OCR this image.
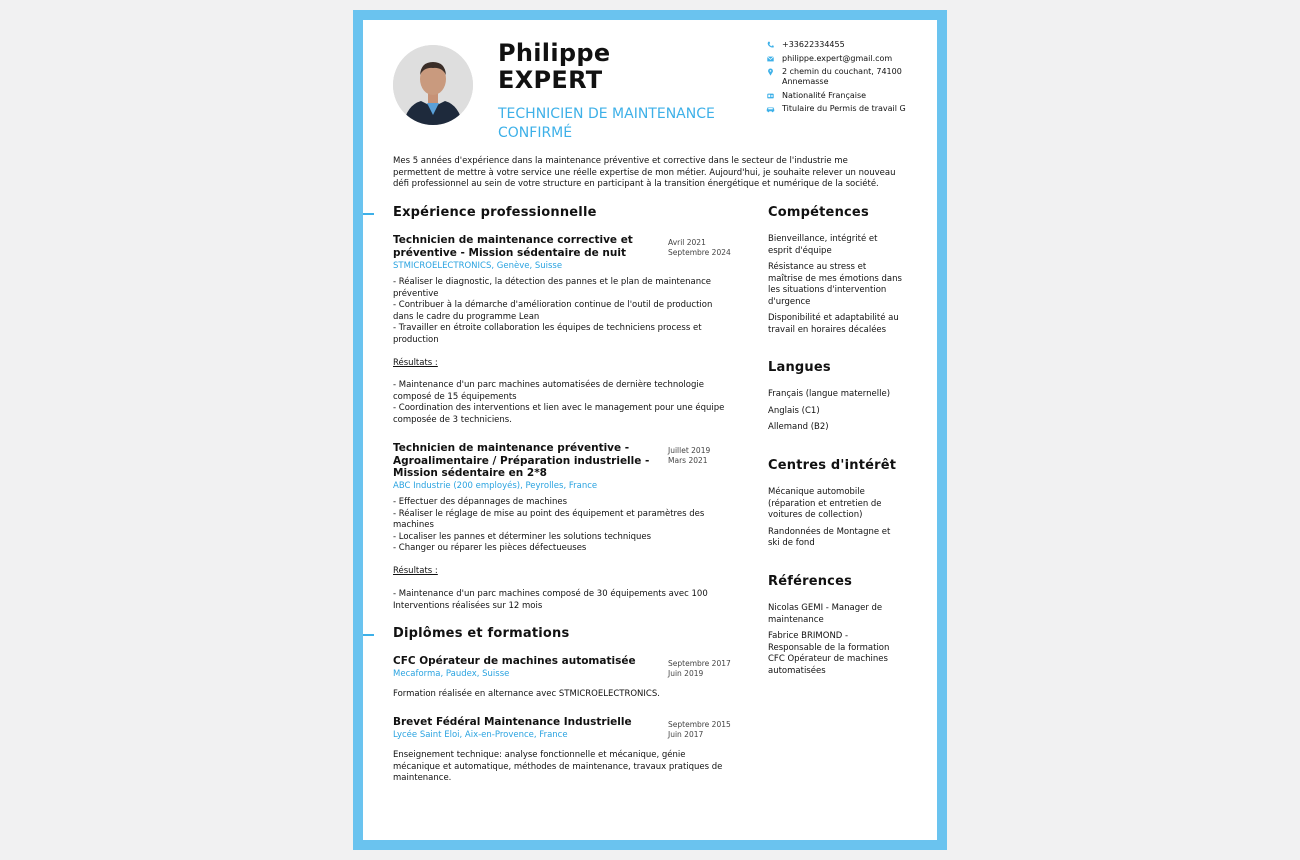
Philippe
EXPERT
TECHNICIEN DE MAINTENANCE
CONFIRMÉ
+33622334455
philippe.expert@gmail.com
2 chemin du couchant, 74100
Annemasse
Nationalité Française
Titulaire du Permis de travail G
Mes 5 années d'expérience dans la maintenance préventive et corrective dans le secteur de l'industrie me
permettent de mettre à votre service une réelle expertise de mon métier. Aujourd'hui, je souhaite relever un nouveau
défi professionnel au sein de votre structure en participant à la transition énergétique et numérique de la société.
Expérience professionnelle
Technicien de maintenance corrective et
préventive - Mission sédentaire de nuit
Avril 2021
Septembre 2024
STMICROELECTRONICS, Genève, Suisse
- Réaliser le diagnostic, la détection des pannes et le plan de maintenance
préventive
- Contribuer à la démarche d'amélioration continue de l'outil de production
dans le cadre du programme Lean
- Travailler en étroite collaboration les équipes de techniciens process et
production
Résultats :
- Maintenance d'un parc machines automatisées de dernière technologie
composé de 15 équipements
- Coordination des interventions et lien avec le management pour une équipe
composée de 3 techniciens.
Technicien de maintenance préventive -
Agroalimentaire / Préparation industrielle -
Mission sédentaire en 2*8
Juillet 2019
Mars 2021
ABC Industrie (200 employés), Peyrolles, France
- Effectuer des dépannages de machines
- Réaliser le réglage de mise au point des équipement et paramètres des
machines
- Localiser les pannes et déterminer les solutions techniques
- Changer ou réparer les pièces défectueuses
Résultats :
- Maintenance d'un parc machines composé de 30 équipements avec 100
Interventions réalisées sur 12 mois
Diplômes et formations
CFC Opérateur de machines automatisée	Septembre 2017
Juin 2019
Mecaforma, Paudex, Suisse
Formation réalisée en alternance avec STMICROELECTRONICS.
Brevet Fédéral Maintenance Industrielle	Septembre 2015
Juin 2017
Lycée Saint Eloi, Aix-en-Provence, France
Enseignement technique: analyse fonctionnelle et mécanique, génie
mécanique et automatique, méthodes de maintenance, travaux pratiques de
maintenance.
Compétences

Bienveillance, intégrité et
esprit d'équipe

Résistance au stress et
maîtrise de mes émotions dans
les situations d'intervention
d'urgence

Disponibilité et adaptabilité au
travail en horaires décalées

Langues

Français (langue maternelle)

Anglais (C1)

Allemand (B2)

Centres d'intérêt

Mécanique automobile
(réparation et entretien de
voitures de collection)

Randonnées de Montagne et
ski de fond

Références

Nicolas GEMI - Manager de
maintenance

Fabrice BRIMOND -
Responsable de la formation
CFC Opérateur de machines
automatisées
